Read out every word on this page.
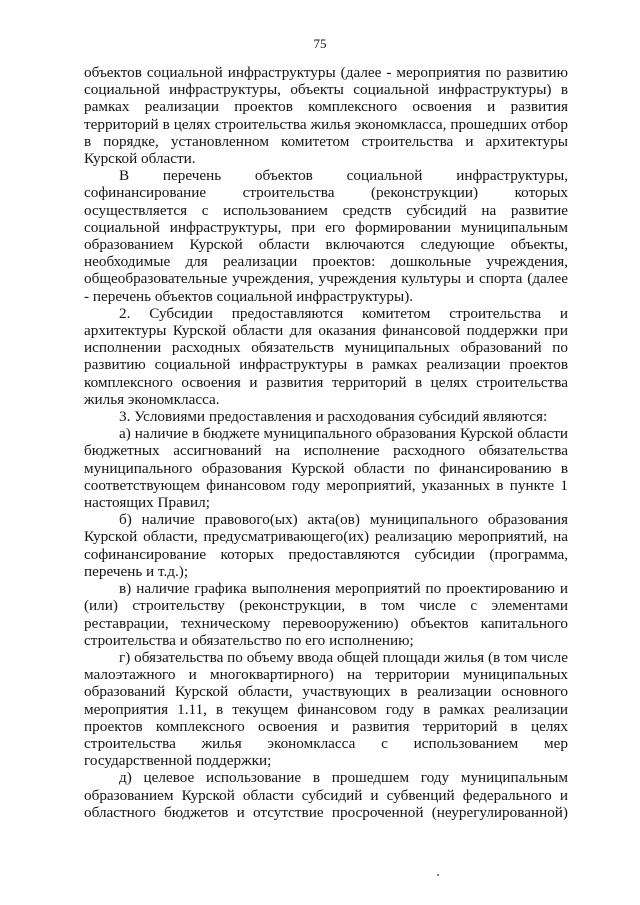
75

объектов социальной инфраструктуры (далее - мероприятия по развитию социальной инфраструктуры, объекты социальной инфраструктуры) в рамках реализации проектов комплексного освоения и развития территорий в целях строительства жилья экономкласса, прошедших отбор в порядке, установленном комитетом строительства и архитектуры Курской области.

В перечень объектов социальной инфраструктуры, софинансирование строительства (реконструкции) которых осуществляется с использованием средств субсидий на развитие социальной инфраструктуры, при его формировании муниципальным образованием Курской области включаются следующие объекты, необходимые для реализации проектов: дошкольные учреждения, общеобразовательные учреждения, учреждения культуры и спорта (далее - перечень объектов социальной инфраструктуры).

2. Субсидии предоставляются комитетом строительства и архитектуры Курской области для оказания финансовой поддержки при исполнении расходных обязательств муниципальных образований по развитию социальной инфраструктуры в рамках реализации проектов комплексного освоения и развития территорий в целях строительства жилья экономкласса.

3. Условиями предоставления и расходования субсидий являются:

а) наличие в бюджете муниципального образования Курской области бюджетных ассигнований на исполнение расходного обязательства муниципального образования Курской области по финансированию в соответствующем финансовом году мероприятий, указанных в пункте 1 настоящих Правил;

б) наличие правового(ых) акта(ов) муниципального образования Курской области, предусматривающего(их) реализацию мероприятий, на софинансирование которых предоставляются субсидии (программа, перечень и т.д.);

в) наличие графика выполнения мероприятий по проектированию и (или) строительству (реконструкции, в том числе с элементами реставрации, техническому перевооружению) объектов капитального строительства и обязательство по его исполнению;

г) обязательства по объему ввода общей площади жилья (в том числе малоэтажного и многоквартирного) на территории муниципальных образований Курской области, участвующих в реализации основного мероприятия 1.11, в текущем финансовом году в рамках реализации проектов комплексного освоения и развития территорий в целях строительства жилья экономкласса с использованием мер государственной поддержки;

д) целевое использование в прошедшем году муниципальным образованием Курской области субсидий и субвенций федерального и областного бюджетов и отсутствие просроченной (неурегулированной)
